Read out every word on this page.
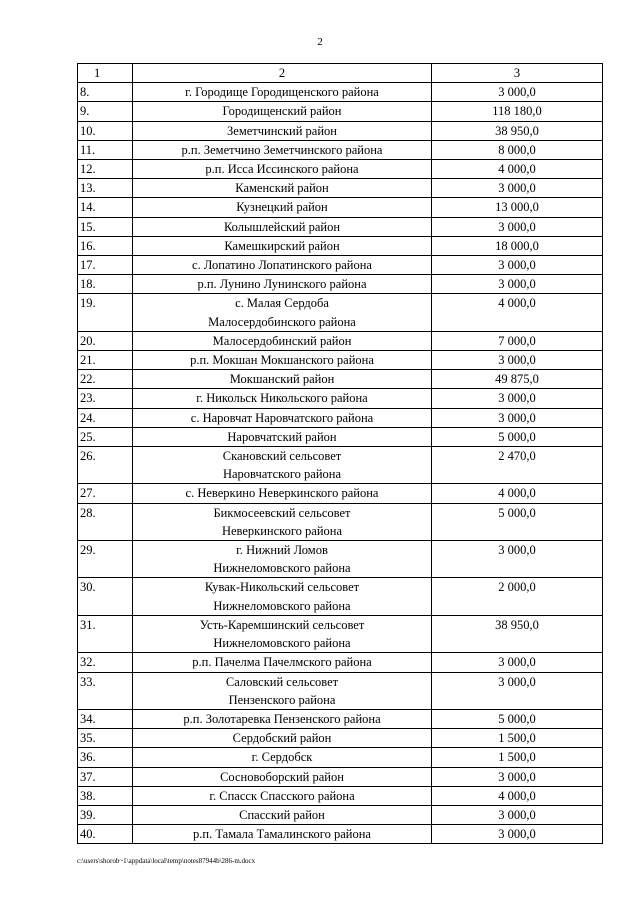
2
1	2	3
8.	г. Городище Городищенского района	3 000,0
9.	Городищенский район	118 180,0
10.	Земетчинский район	38 950,0
11.	р.п. Земетчино Земетчинского района	8 000,0
12.	р.п. Исса Иссинского района	4 000,0
13.	Каменский район	3 000,0
14.	Кузнецкий район	13 000,0
15.	Колышлейский район	3 000,0
16.	Камешкирский район	18 000,0
17.	с. Лопатино Лопатинского района	3 000,0
18.	р.п. Лунино Лунинского района	3 000,0
19.	с. Малая Сердоба
Малосердобинского района	4 000,0
20.	Малосердобинский район	7 000,0
21.	р.п. Мокшан Мокшанского района	3 000,0
22.	Мокшанский район	49 875,0
23.	г. Никольск Никольского района	3 000,0
24.	с. Наровчат Наровчатского района	3 000,0
25.	Наровчатский район	5 000,0
26.	Скановский сельсовет
Наровчатского района	2 470,0
27.	с. Неверкино Неверкинского района	4 000,0
28.	Бикмосеевский сельсовет
Неверкинского района	5 000,0
29.	г. Нижний Ломов
Нижнеломовского района	3 000,0
30.	Кувак-Никольский сельсовет
Нижнеломовского района	2 000,0
31.	Усть-Каремшинский сельсовет
Нижнеломовского района	38 950,0
32.	р.п. Пачелма Пачелмского района	3 000,0
33.	Саловский сельсовет
Пензенского района	3 000,0
34.	р.п. Золотаревка Пензенского района	5 000,0
35.	Сердобский район	1 500,0
36.	г. Сердобск	1 500,0
37.	Сосновоборский район	3 000,0
38.	г. Спасск Спасского района	4 000,0
39.	Спасский район	3 000,0
40.	р.п. Тамала Тамалинского района	3 000,0
c:\users\shorob~1\appdata\local\temp\notes87944b\286-m.docx
